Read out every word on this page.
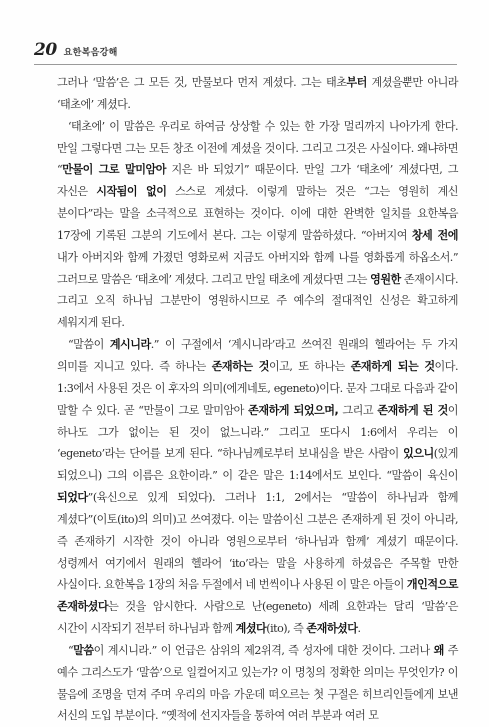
20 요한복음강해

그러나 ‘말씀’은 그 모든 것, 만물보다 먼저 계셨다. 그는 태초부터 계셨을뿐만 아니라 ‘태초에’ 계셨다.

‘태초에’ 이 말씀은 우리로 하여금 상상할 수 있는 한 가장 멀리까지 나아가게 한다. 만일 그렇다면 그는 모든 창조 이전에 계셨을 것이다. 그리고 그것은 사실이다. 왜냐하면 “만물이 그로 말미암아 지은 바 되었기” 때문이다. 만일 그가 ‘태초에’ 계셨다면, 그 자신은 시작됨이 없이 스스로 계셨다. 이렇게 말하는 것은 “그는 영원히 계신 분이다”라는 말을 소극적으로 표현하는 것이다. 이에 대한 완벽한 일치를 요한복음 17장에 기록된 그분의 기도에서 본다. 그는 이렇게 말씀하셨다. “아버지여 창세 전에 내가 아버지와 함께 가졌던 영화로써 지금도 아버지와 함께 나를 영화롭게 하옵소서.” 그러므로 말씀은 ‘태초에’ 계셨다. 그리고 만일 태초에 계셨다면 그는 영원한 존재이시다. 그리고 오직 하나님 그분만이 영원하시므로 주 예수의 절대적인 신성은 확고하게 세워지게 된다.

“말씀이 계시니라.” 이 구절에서 ‘계시니라’라고 쓰여진 원래의 헬라어는 두 가지 의미를 지니고 있다. 즉 하나는 존재하는 것이고, 또 하나는 존재하게 되는 것이다. 1:3에서 사용된 것은 이 후자의 의미(에게네토, egeneto)이다. 문자 그대로 다음과 같이 말할 수 있다. 곧 “만물이 그로 말미암아 존재하게 되었으며, 그리고 존재하게 된 것이 하나도 그가 없이는 된 것이 없느니라.” 그리고 또다시 1:6에서 우리는 이 ‘egeneto’라는 단어를 보게 된다. “하나님께로부터 보내심을 받은 사람이 있으니(있게 되었으니) 그의 이름은 요한이라.” 이 같은 말은 1:14에서도 보인다. “말씀이 육신이 되었다”(육신으로 있게 되었다). 그러나 1:1, 2에서는 “말씀이 하나님과 함께 계셨다”(이토(ito)의 의미)고 쓰여졌다. 이는 말씀이신 그분은 존재하게 된 것이 아니라, 즉 존재하기 시작한 것이 아니라 영원으로부터 ‘하나님과 함께’ 계셨기 때문이다. 성령께서 여기에서 원래의 헬라어 ‘ito’라는 말을 사용하게 하셨음은 주목할 만한 사실이다. 요한복음 1장의 처음 두절에서 네 번씩이나 사용된 이 말은 아들이 개인적으로 존재하셨다는 것을 암시한다. 사람으로 난(egeneto) 세례 요한과는 달리 ‘말씀’은 시간이 시작되기 전부터 하나님과 함께 계셨다(ito), 즉 존재하셨다.

“말씀이 계시니라.” 이 언급은 삼위의 제2위격, 즉 성자에 대한 것이다. 그러나 왜 주 예수 그리스도가 ‘말씀’으로 일컬어지고 있는가? 이 명칭의 정확한 의미는 무엇인가? 이 물음에 조명을 던져 주며 우리의 마음 가운데 떠오르는 첫 구절은 히브리인들에게 보낸 서신의 도입 부분이다. “옛적에 선지자들을 통하여 여러 부분과 여러 모
